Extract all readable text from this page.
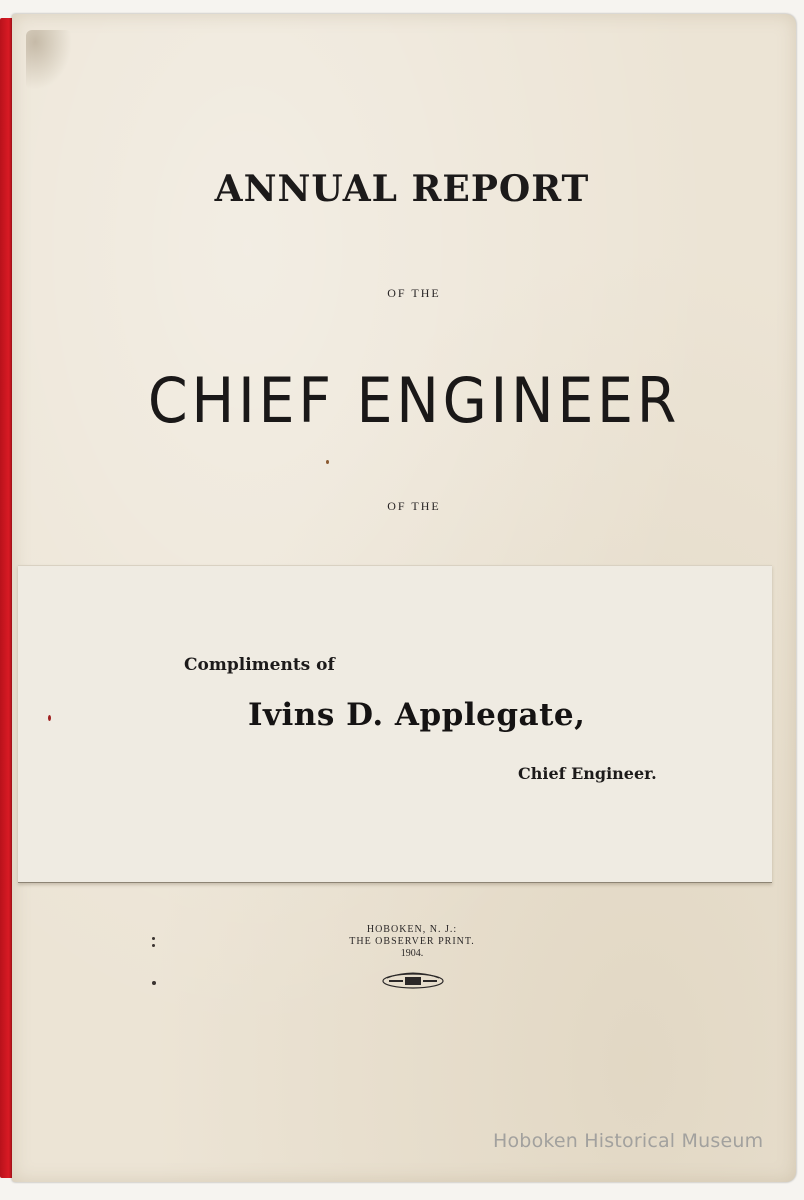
ANNUAL REPORT
OF THE
CHIEF ENGINEER
OF THE
Compliments of
Ivins D. Applegate,
Chief Engineer.
HOBOKEN, N. J.:
THE OBSERVER PRINT.
1904.
Hoboken Historical Museum
